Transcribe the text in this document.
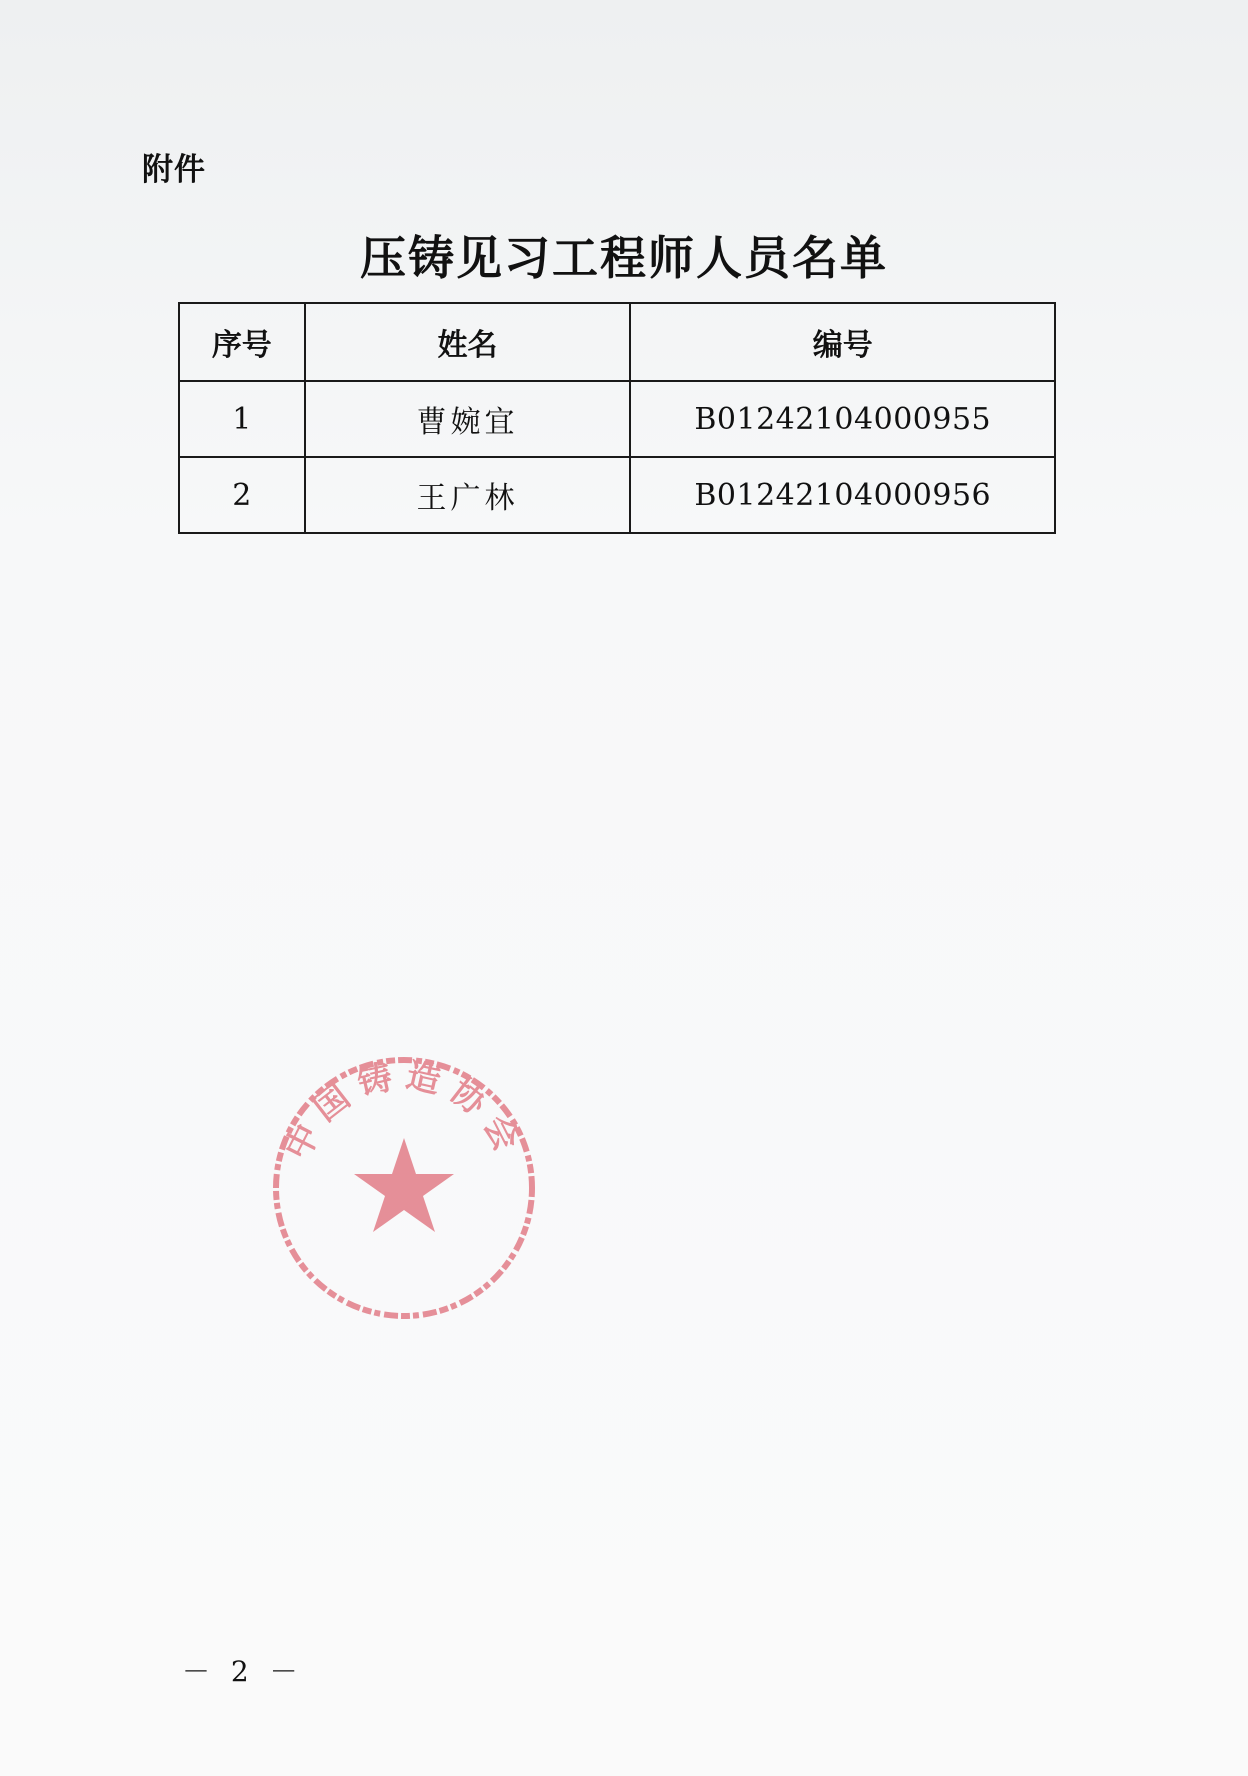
附件
压铸见习工程师人员名单
序号	姓名	编号
1	曹婉宜	B01242104000955
2	王广林	B01242104000956
中国铸造协会
－ 2 －
